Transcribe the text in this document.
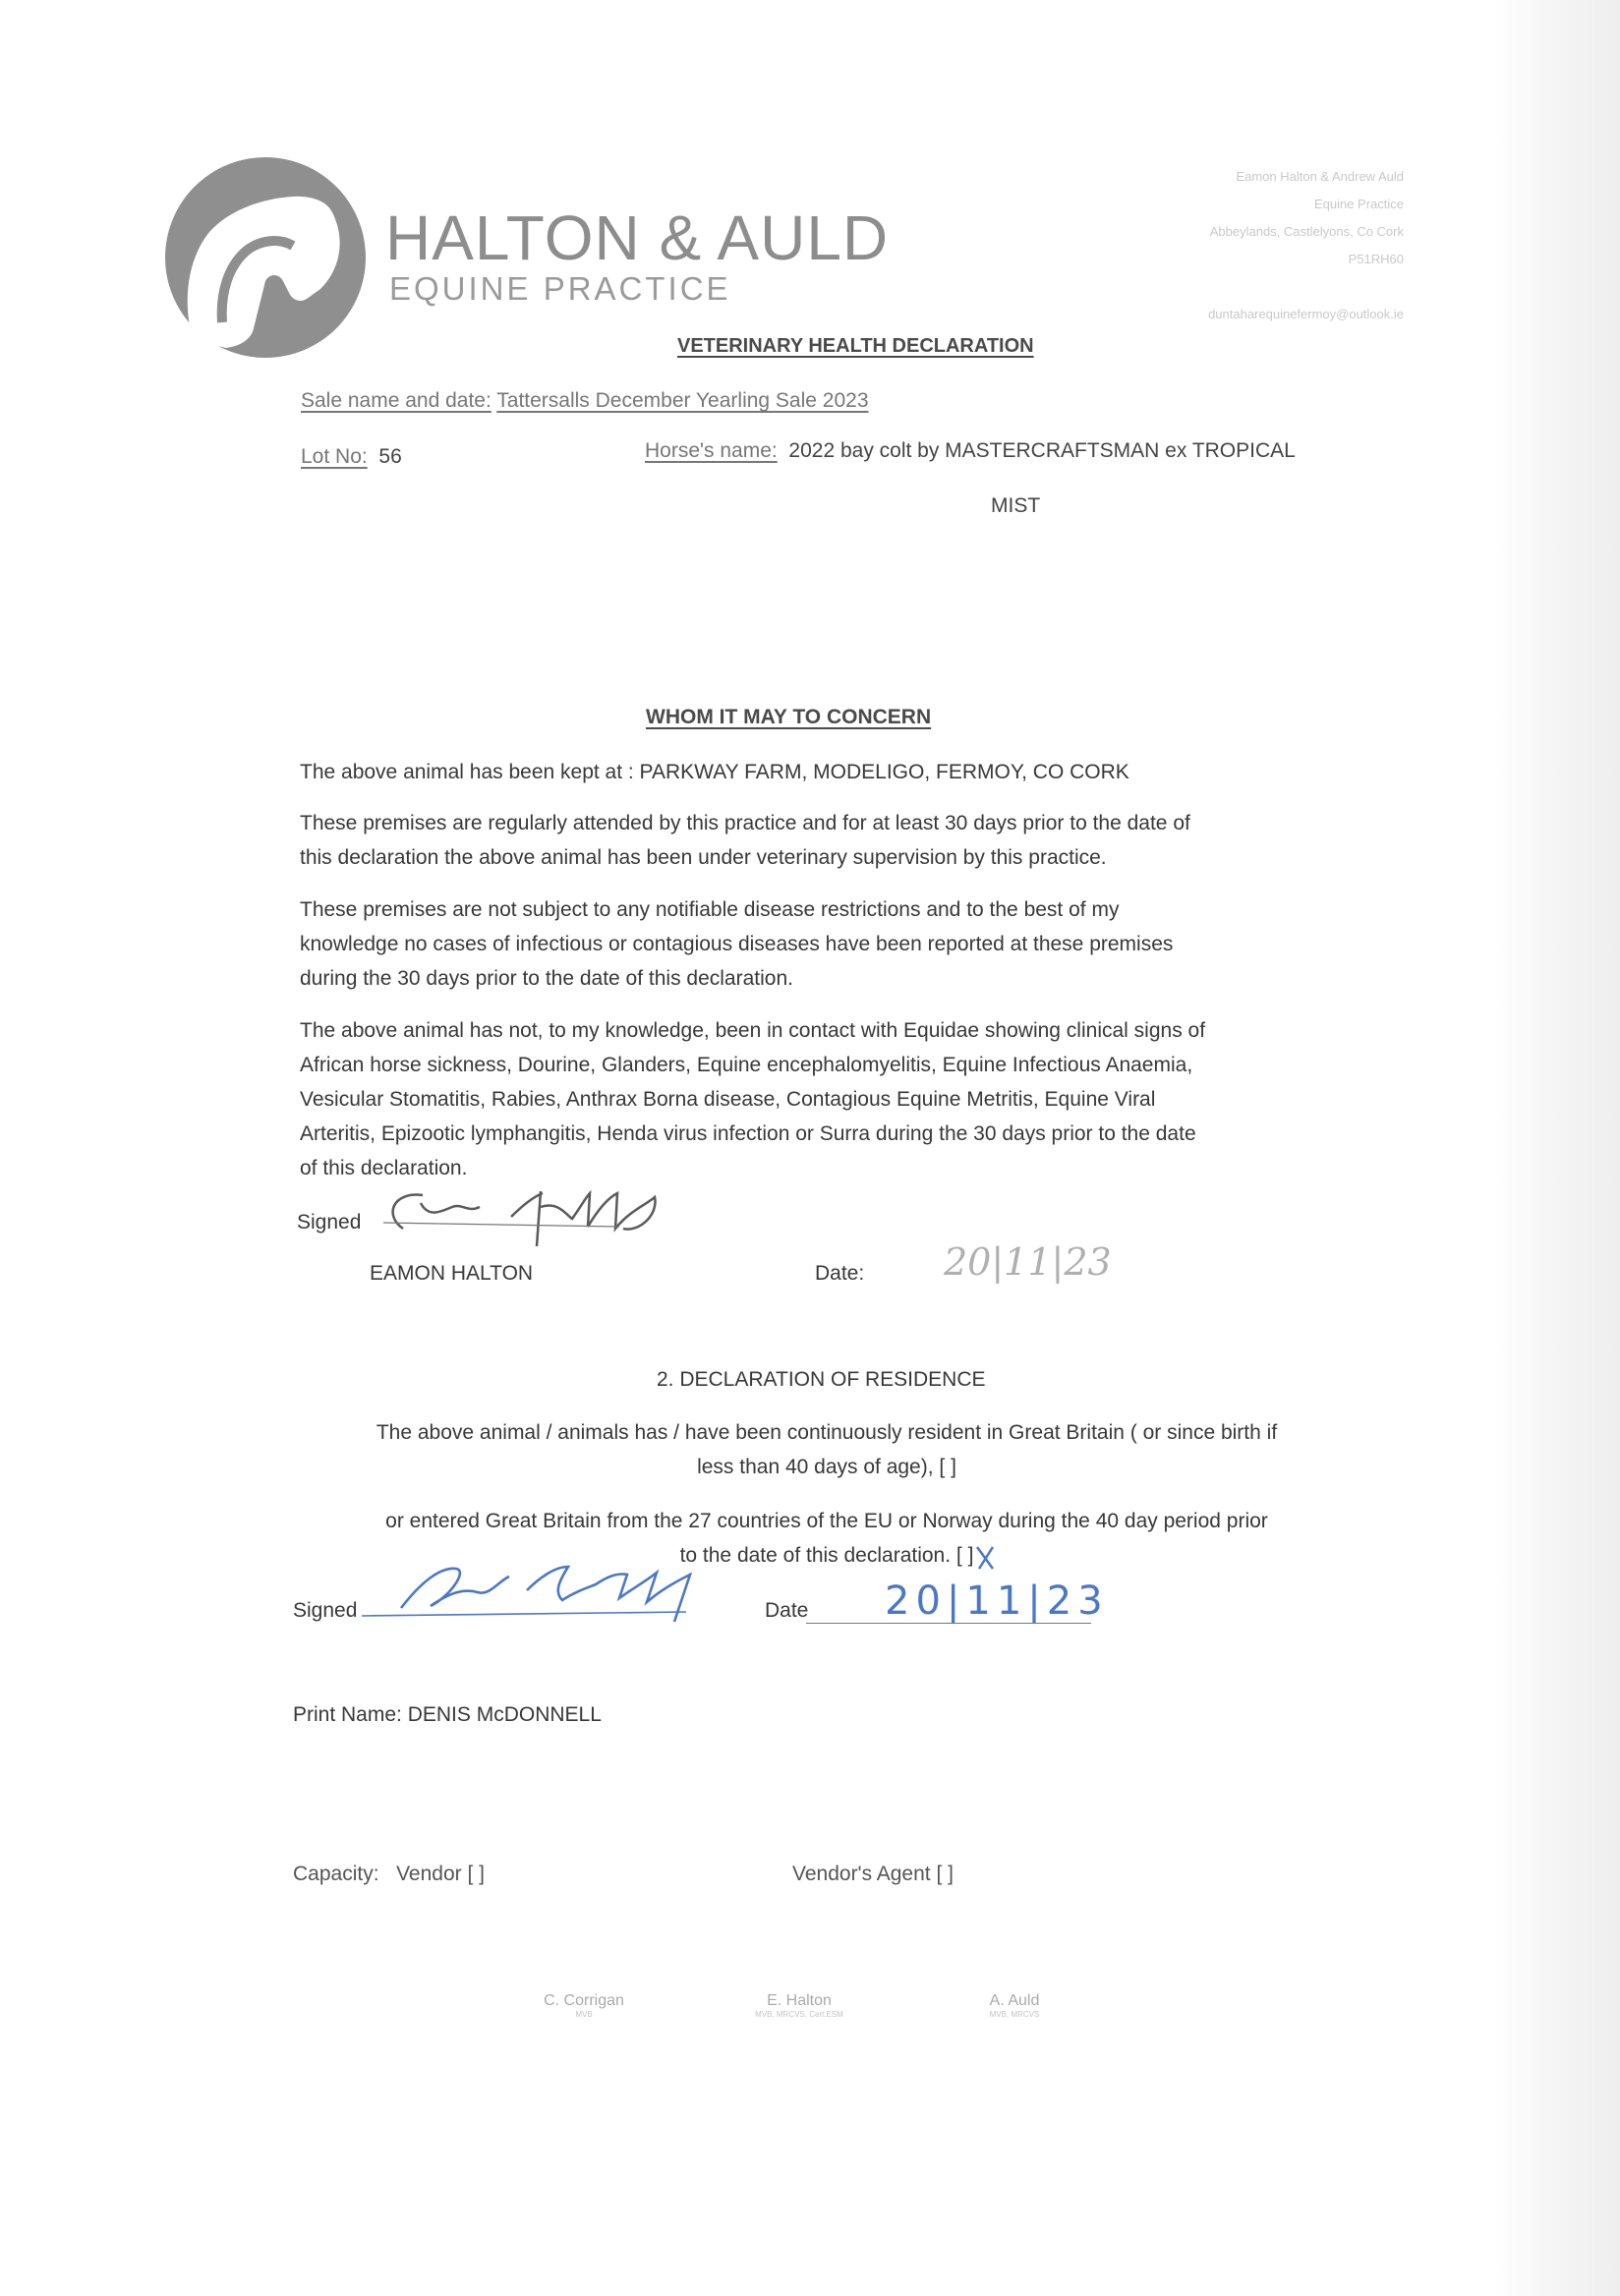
HALTON & AULD
EQUINE PRACTICE
Eamon Halton & Andrew Auld
Equine Practice
Abbeylands, Castlelyons, Co Cork
P51RH60
duntaharequinefermoy@outlook.ie
VETERINARY HEALTH DECLARATION
Sale name and date: Tattersalls December Yearling Sale 2023
Lot No: 56	Horse's name: 2022 bay colt by MASTERCRAFTSMAN ex TROPICAL
MIST
WHOM IT MAY TO CONCERN
The above animal has been kept at : PARKWAY FARM, MODELIGO, FERMOY, CO CORK
These premises are regularly attended by this practice and for at least 30 days prior to the date of
this declaration the above animal has been under veterinary supervision by this practice.
These premises are not subject to any notifiable disease restrictions and to the best of my
knowledge no cases of infectious or contagious diseases have been reported at these premises
during the 30 days prior to the date of this declaration.
The above animal has not, to my knowledge, been in contact with Equidae showing clinical signs of
African horse sickness, Dourine, Glanders, Equine encephalomyelitis, Equine Infectious Anaemia,
Vesicular Stomatitis, Rabies, Anthrax Borna disease, Contagious Equine Metritis, Equine Viral
Arteritis, Epizootic lymphangitis, Henda virus infection or Surra during the 30 days prior to the date
of this declaration.
Signed
EAMON HALTON	Date: 20|11|23
2. DECLARATION OF RESIDENCE
The above animal / animals has / have been continuously resident in Great Britain ( or since birth if
less than 40 days of age), [ ]
or entered Great Britain from the 27 countries of the EU or Norway during the 40 day period prior
to the date of this declaration. [ ]
Signed	Date 20|11|23
Print Name: DENIS McDONNELL
Capacity: Vendor [ ]	Vendor's Agent [ ]
C. Corrigan
MVB
E. Halton
MVB, MRCVS, Cert.ESM
A. Auld
MVB, MRCVS
